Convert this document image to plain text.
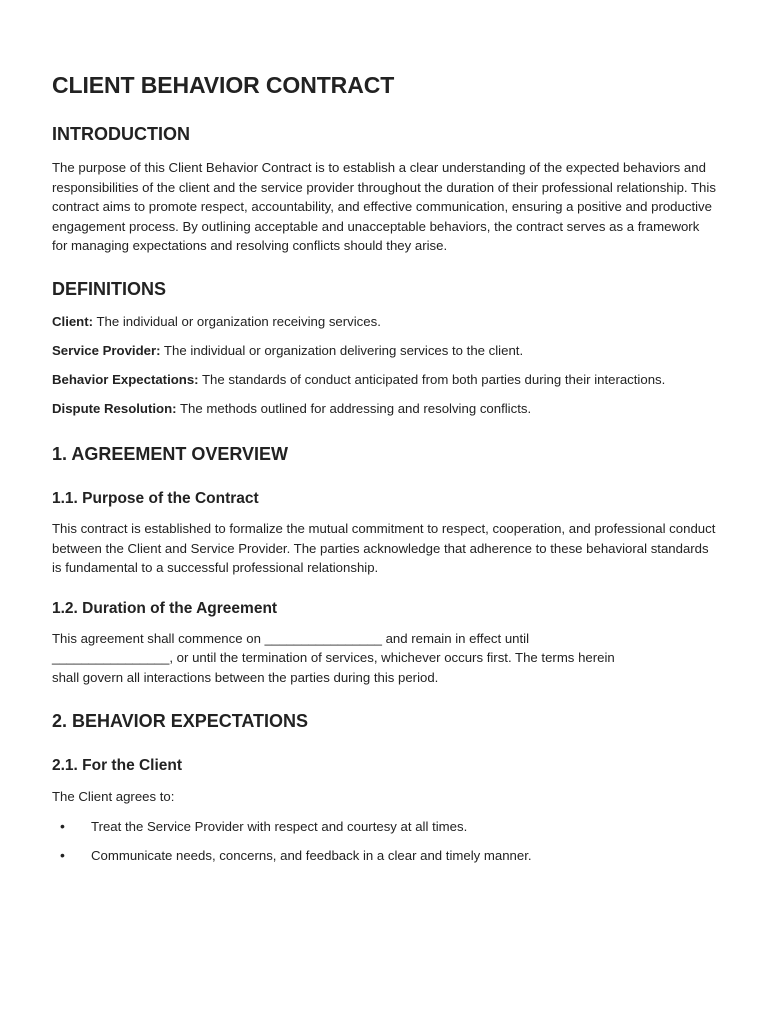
CLIENT BEHAVIOR CONTRACT
INTRODUCTION

The purpose of this Client Behavior Contract is to establish a clear understanding of the expected behaviors and responsibilities of the client and the service provider throughout the duration of their professional relationship. This contract aims to promote respect, accountability, and effective communication, ensuring a positive and productive engagement process. By outlining acceptable and unacceptable behaviors, the contract serves as a framework for managing expectations and resolving conflicts should they arise.

DEFINITIONS

Client: The individual or organization receiving services.

Service Provider: The individual or organization delivering services to the client.

Behavior Expectations: The standards of conduct anticipated from both parties during their interactions.

Dispute Resolution: The methods outlined for addressing and resolving conflicts.

1. AGREEMENT OVERVIEW
1.1. Purpose of the Contract

This contract is established to formalize the mutual commitment to respect, cooperation, and professional conduct between the Client and Service Provider. The parties acknowledge that adherence to these behavioral standards is fundamental to a successful professional relationship.

1.2. Duration of the Agreement

This agreement shall commence on ________________ and remain in effect until

________________, or until the termination of services, whichever occurs first. The terms herein

shall govern all interactions between the parties during this period.

2. BEHAVIOR EXPECTATIONS
2.1. For the Client

The Client agrees to:

• Treat the Service Provider with respect and courtesy at all times.
• Communicate needs, concerns, and feedback in a clear and timely manner.
